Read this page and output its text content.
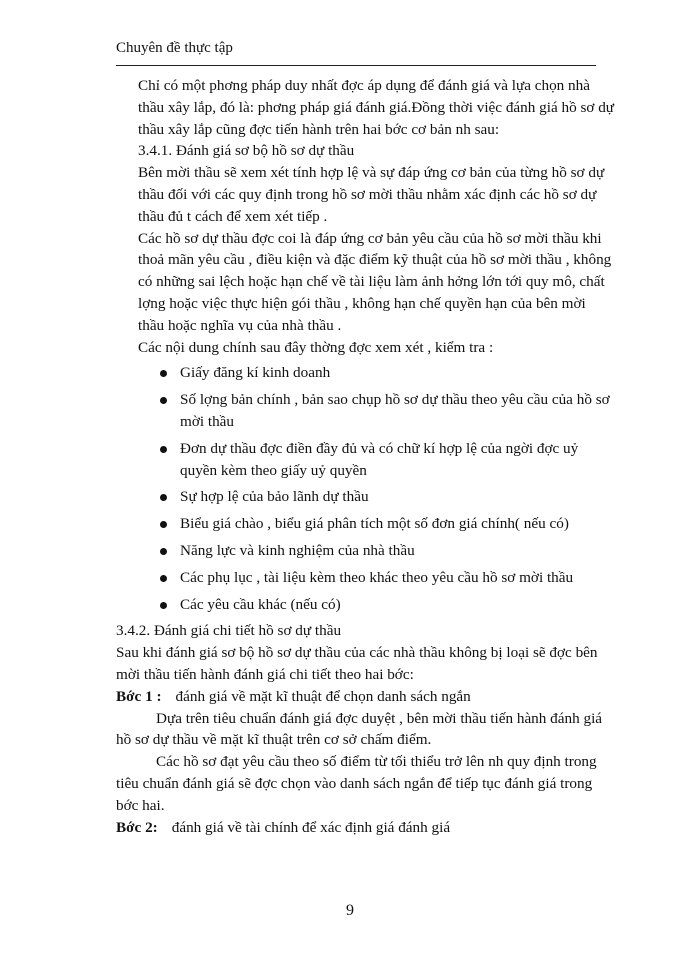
Chuyên đề thực tập

Chỉ có một phơng pháp duy nhất đợc áp dụng để đánh giá và lựa chọn nhà thầu xây lắp, đó là: phơng pháp giá đánh giá.Đồng thời việc đánh giá hồ sơ dự thầu xây lắp cũng đợc tiến hành trên hai bớc cơ bản nh sau:

3.4.1. Đánh giá sơ bộ hồ sơ dự thầu

Bên mời thầu sẽ xem xét tính hợp lệ và sự đáp ứng cơ bản của từng hồ sơ dự thầu đối với các quy định trong hồ sơ mời thầu nhằm xác định các hồ sơ dự thầu đủ t cách để xem xét tiếp .

Các hồ sơ dự thầu đợc coi là đáp ứng cơ bản yêu cầu của hồ sơ mời thầu khi thoả mãn yêu cầu , điều kiện và đặc điểm kỹ thuật của hồ sơ mời thầu , không có những sai lệch hoặc hạn chế về tài liệu làm ảnh hởng lớn tới quy mô, chất lợng hoặc việc thực hiện gói thầu , không hạn chế quyền hạn của bên mời thầu hoặc nghĩa vụ của nhà thầu .

Các nội dung chính sau đây thờng đợc xem xét , kiểm tra :

Giấy đăng kí kinh doanh
Số lợng bản chính , bản sao chụp hồ sơ dự thầu theo yêu cầu của hồ sơ mời thầu
Đơn dự thầu đợc điền đầy đủ và có chữ kí hợp lệ của ngời đợc uỷ quyền kèm theo giấy uỷ quyền
Sự hợp lệ của bảo lãnh dự thầu
Biểu giá chào , biểu giá phân tích một số đơn giá chính( nếu có)
Năng lực và kinh nghiệm của nhà thầu
Các phụ lục , tài liệu kèm theo khác theo yêu cầu hồ sơ mời thầu
Các yêu cầu khác (nếu có)

3.4.2. Đánh giá chi tiết hồ sơ dự thầu

Sau khi đánh giá sơ bộ hồ sơ dự thầu của các nhà thầu không bị loại sẽ đợc bên mời thầu tiến hành đánh giá chi tiết theo hai bớc:

Bớc 1 : đánh giá về mặt kĩ thuật để chọn danh sách ngắn

Dựa trên tiêu chuẩn đánh giá đợc duyệt , bên mời thầu tiến hành đánh giá hồ sơ dự thầu về mặt kĩ thuật trên cơ sở chấm điểm.

Các hồ sơ đạt yêu cầu theo số điểm từ tối thiểu trở lên nh quy định trong tiêu chuẩn đánh giá sẽ đợc chọn vào danh sách ngắn để tiếp tục đánh giá trong bớc hai.

Bớc 2: đánh giá về tài chính để xác định giá đánh giá

9
